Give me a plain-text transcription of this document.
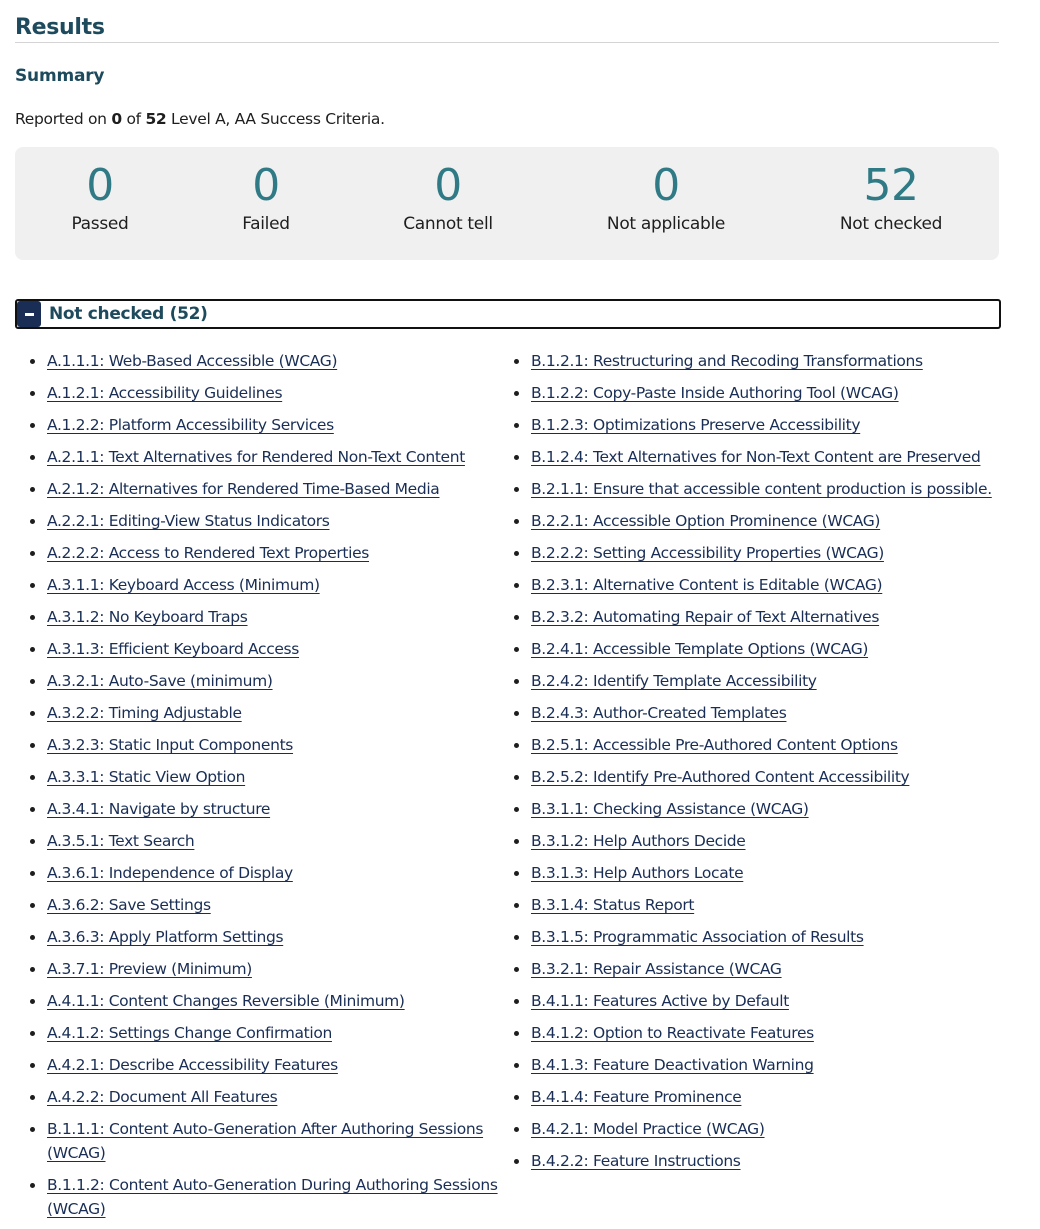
Results
Summary

Reported on 0 of 52 Level A, AA Success Criteria.

0
Passed
0
Failed
0
Cannot tell
0
Not applicable
52
Not checked
Not checked (52)
A.1.1.1: Web-Based Accessible (WCAG)
A.1.2.1: Accessibility Guidelines
A.1.2.2: Platform Accessibility Services
A.2.1.1: Text Alternatives for Rendered Non-Text Content
A.2.1.2: Alternatives for Rendered Time-Based Media
A.2.2.1: Editing-View Status Indicators
A.2.2.2: Access to Rendered Text Properties
A.3.1.1: Keyboard Access (Minimum)
A.3.1.2: No Keyboard Traps
A.3.1.3: Efficient Keyboard Access
A.3.2.1: Auto-Save (minimum)
A.3.2.2: Timing Adjustable
A.3.2.3: Static Input Components
A.3.3.1: Static View Option
A.3.4.1: Navigate by structure
A.3.5.1: Text Search
A.3.6.1: Independence of Display
A.3.6.2: Save Settings
A.3.6.3: Apply Platform Settings
A.3.7.1: Preview (Minimum)
A.4.1.1: Content Changes Reversible (Minimum)
A.4.1.2: Settings Change Confirmation
A.4.2.1: Describe Accessibility Features
A.4.2.2: Document All Features
B.1.1.1: Content Auto-Generation After Authoring Sessions (WCAG)
B.1.1.2: Content Auto-Generation During Authoring Sessions (WCAG)
B.1.2.1: Restructuring and Recoding Transformations
B.1.2.2: Copy-Paste Inside Authoring Tool (WCAG)
B.1.2.3: Optimizations Preserve Accessibility
B.1.2.4: Text Alternatives for Non-Text Content are Preserved
B.2.1.1: Ensure that accessible content production is possible.
B.2.2.1: Accessible Option Prominence (WCAG)
B.2.2.2: Setting Accessibility Properties (WCAG)
B.2.3.1: Alternative Content is Editable (WCAG)
B.2.3.2: Automating Repair of Text Alternatives
B.2.4.1: Accessible Template Options (WCAG)
B.2.4.2: Identify Template Accessibility
B.2.4.3: Author-Created Templates
B.2.5.1: Accessible Pre-Authored Content Options
B.2.5.2: Identify Pre-Authored Content Accessibility
B.3.1.1: Checking Assistance (WCAG)
B.3.1.2: Help Authors Decide
B.3.1.3: Help Authors Locate
B.3.1.4: Status Report
B.3.1.5: Programmatic Association of Results
B.3.2.1: Repair Assistance (WCAG
B.4.1.1: Features Active by Default
B.4.1.2: Option to Reactivate Features
B.4.1.3: Feature Deactivation Warning
B.4.1.4: Feature Prominence
B.4.2.1: Model Practice (WCAG)
B.4.2.2: Feature Instructions
